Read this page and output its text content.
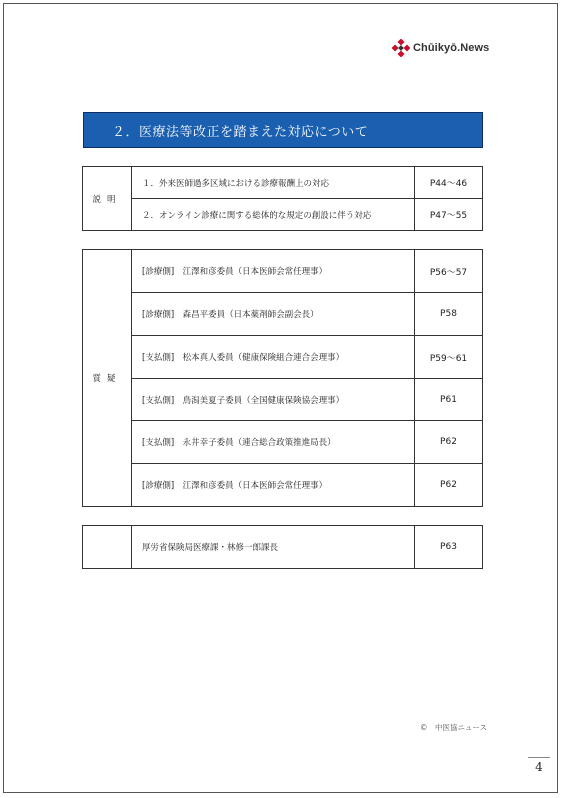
Chūikyō.News
２．医療法等改正を踏まえた対応について
説明	１．外来医師過多区域における診療報酬上の対応	P44～46
	２．オンライン診療に関する総体的な規定の創設に伴う対応	P47～55
質疑	[診療側]　江澤和彦委員（日本医師会常任理事）	P56～57
	[診療側]　森昌平委員（日本薬剤師会副会長）	P58
	[支払側]　松本真人委員（健康保険組合連合会理事）	P59～61
	[支払側]　鳥潟美夏子委員（全国健康保険協会理事）	P61
	[支払側]　永井幸子委員（連合総合政策推進局長）	P62
	[診療側]　江澤和彦委員（日本医師会常任理事）	P62
	厚労省保険局医療課・林修一郎課長	P63
©　中医協ニュース
4
